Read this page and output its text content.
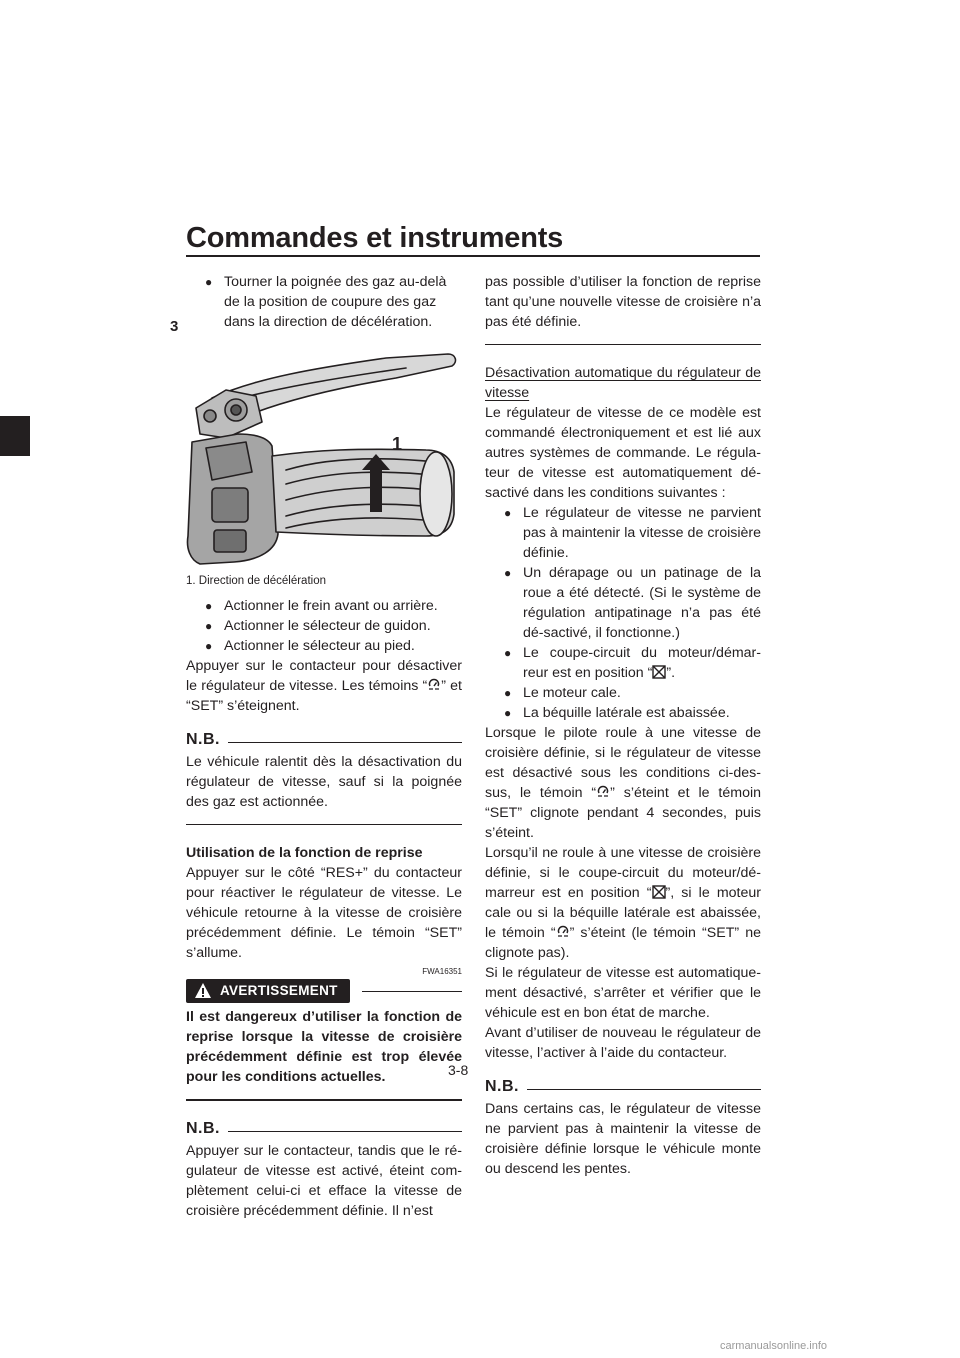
Commandes et instruments
3

● Tourner la poignée des gaz au-delà de la position de coupure des gaz dans la direction de décélération.

1
1. Direction de décélération

● Actionner le frein avant ou arrière.

● Actionner le sélecteur de guidon.

● Actionner le sélecteur au pied.

Appuyer sur le contacteur pour désactiver le régulateur de vitesse. Les témoins “ ” et “SET” s’éteignent.

N.B.

Le véhicule ralentit dès la désactivation du régulateur de vitesse, sauf si la poignée des gaz est actionnée.

Utilisation de la fonction de reprise

Appuyer sur le côté “RES+” du contacteur pour réactiver le régulateur de vitesse. Le véhicule retourne à la vitesse de croisière précédemment définie. Le témoin “SET” s’allume.

FWA16351
AVERTISSEMENT

Il est dangereux d’utiliser la fonction de reprise lorsque la vitesse de croisière précédemment définie est trop élevée pour les conditions actuelles.

N.B.

Appuyer sur le contacteur, tandis que le ré-gulateur de vitesse est activé, éteint com-plètement celui-ci et efface la vitesse de croisière précédemment définie. Il n’est

pas possible d’utiliser la fonction de reprise tant qu’une nouvelle vitesse de croisière n’a pas été définie.

Désactivation automatique du régulateur de vitesse

Le régulateur de vitesse de ce modèle est commandé électroniquement et est lié aux autres systèmes de commande. Le régula-teur de vitesse est automatiquement dé-sactivé dans les conditions suivantes :

● Le régulateur de vitesse ne parvient pas à maintenir la vitesse de croisière définie.

● Un dérapage ou un patinage de la roue a été détecté. (Si le système de régulation antipatinage n’a pas été dé-sactivé, il fonctionne.)

● Le coupe-circuit du moteur/démar-reur est en position “ ”.

● Le moteur cale.

● La béquille latérale est abaissée.

Lorsque le pilote roule à une vitesse de croisière définie, si le régulateur de vitesse est désactivé sous les conditions ci-des-sus, le témoin “ ” s’éteint et le témoin “SET” clignote pendant 4 secondes, puis s’éteint.

Lorsqu’il ne roule à une vitesse de croisière définie, si le coupe-circuit du moteur/dé-marreur est en position “ ”, si le moteur cale ou si la béquille latérale est abaissée, le témoin “ ” s’éteint (le témoin “SET” ne clignote pas).

Si le régulateur de vitesse est automatique-ment désactivé, s’arrêter et vérifier que le véhicule est en bon état de marche.

Avant d’utiliser de nouveau le régulateur de vitesse, l’activer à l’aide du contacteur.

N.B.

Dans certains cas, le régulateur de vitesse ne parvient pas à maintenir la vitesse de croisière définie lorsque le véhicule monte ou descend les pentes.

3-8
carmanualsonline.info
